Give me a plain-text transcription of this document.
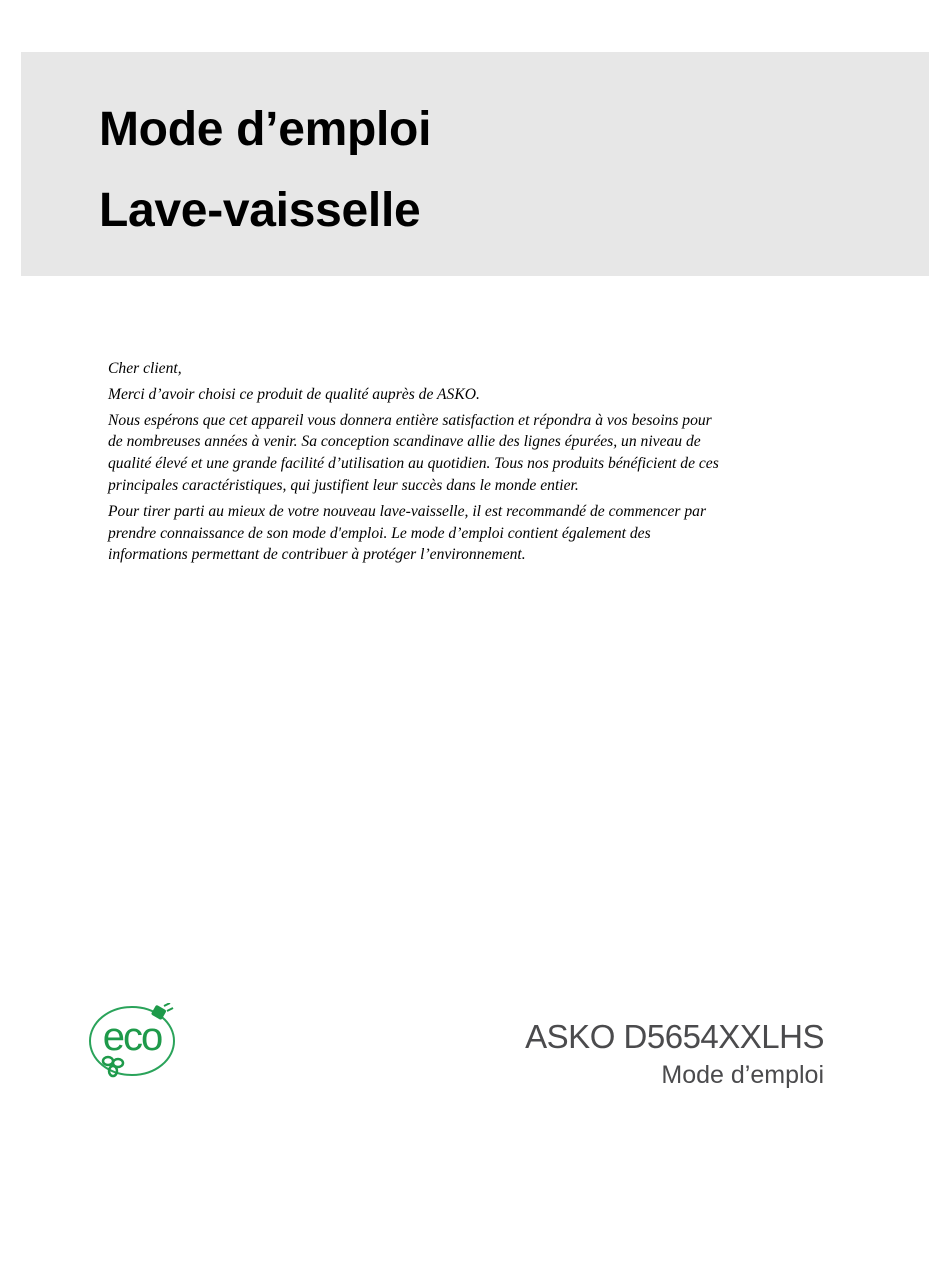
Mode d’emploi
Lave-vaisselle

Cher client,

Merci d’avoir choisi ce produit de qualité auprès de ASKO.

Nous espérons que cet appareil vous donnera entière satisfaction et répondra à vos besoins pour de nombreuses années à venir. Sa conception scandinave allie des lignes épurées, un niveau de qualité élevé et une grande facilité d’utilisation au quotidien. Tous nos produits bénéficient de ces principales caractéristiques, qui justifient leur succès dans le monde entier.

Pour tirer parti au mieux de votre nouveau lave-vaisselle, il est recommandé de commencer par prendre connaissance de son mode d'emploi. Le mode d’emploi contient également des informations permettant de contribuer à protéger l’environnement.

eco	ASKO D5654XXLHS
Mode d’emploi
